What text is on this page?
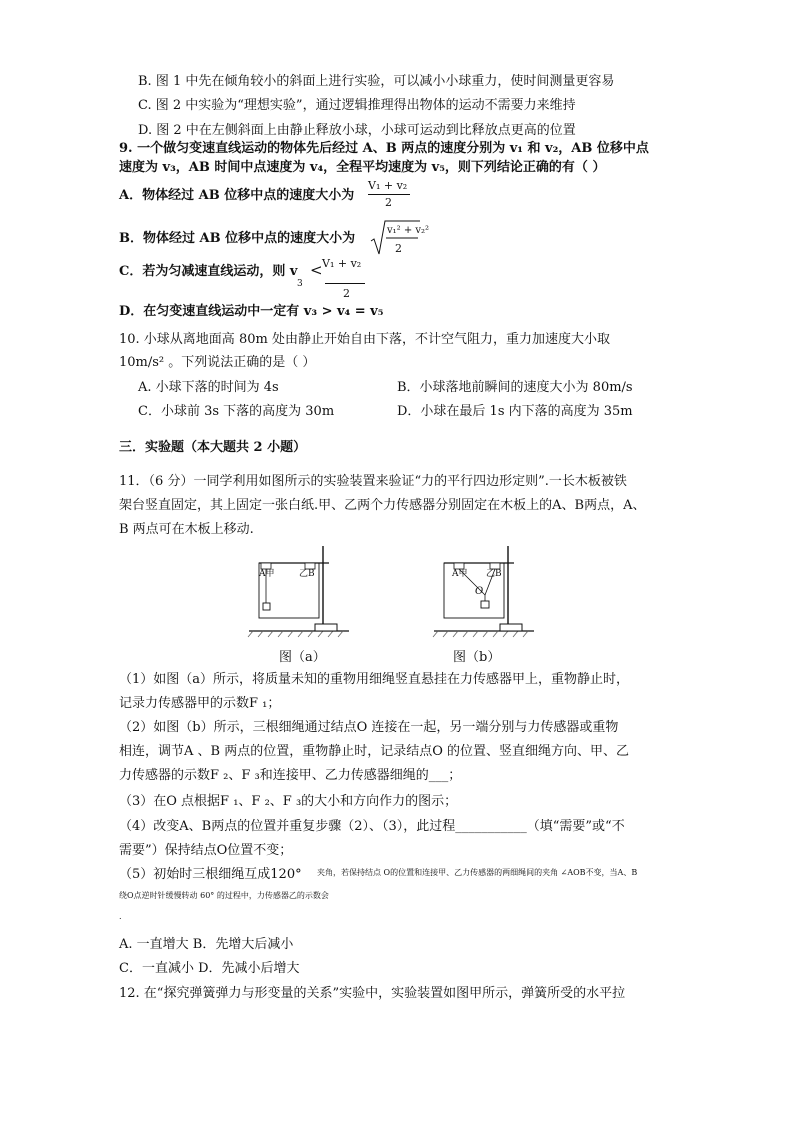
B. 图 1 中先在倾角较小的斜面上进行实验，可以减小小球重力，使时间测量更容易
C. 图 2 中实验为“理想实验”，通过逻辑推理得出物体的运动不需要力来维持
D. 图 2 中在左侧斜面上由静止释放小球，小球可运动到比释放点更高的位置
9. 一个做匀变速直线运动的物体先后经过 A、B 两点的速度分别为 v₁ 和 v₂，AB 位移中点
速度为 v₃，AB 时间中点速度为 v₄，全程平均速度为 v₅，则下列结论正确的有（ ）
A．物体经过 AB 位移中点的速度大小为
V₁ + v₂
2
B．物体经过 AB 位移中点的速度大小为
v₁² + v₂²
2
C．若为匀减速直线运动，则 v
3
< V₁ + v₂
2
D．在匀变速直线运动中一定有 v₃ > v₄ = v₅
10. 小球从离地面高 80m 处由静止开始自由下落，不计空气阻力，重力加速度大小取
10m/s² 。下列说法正确的是（ ）
A. 小球下落的时间为 4s	B．小球落地前瞬间的速度大小为 80m/s
C．小球前 3s 下落的高度为 30m	D．小球在最后 1s 内下落的高度为 35m
三．实验题（本大题共 2 小题）
11．（6 分）一同学利用如图所示的实验装置来验证“力的平行四边形定则”.一长木板被铁
架台竖直固定，其上固定一张白纸.甲、乙两个力传感器分别固定在木板上的A、B两点，A、
B 两点可在木板上移动.
A甲	乙B	A甲 乙B
O
图（a）	图（b）
（1）如图（a）所示，将质量未知的重物用细绳竖直悬挂在力传感器甲上，重物静止时，
记录力传感器甲的示数F ₁；
（2）如图（b）所示，三根细绳通过结点O 连接在一起，另一端分别与力传感器或重物
相连，调节A 、B 两点的位置，重物静止时，记录结点O 的位置、竖直细绳方向、甲、乙
力传感器的示数F ₂、F ₃和连接甲、乙力传感器细绳的___；
（3）在O 点根据F ₁、F ₂、F ₃的大小和方向作力的图示；
（4）改变A、B两点的位置并重复步骤（2）、（3），此过程___________（填“需要”或“不
需要”）保持结点O位置不变；
（5）初始时三根细绳互成120° 夹角，若保持结点 O的位置和连接甲、乙力传感器的两细绳间的夹角 ∠AOB不变，当A、B
绕O点逆时针缓慢转动 60° 的过程中，力传感器乙的示数会
.
A. 一直增大 B．先增大后减小
C．一直减小 D．先减小后增大
12. 在“探究弹簧弹力与形变量的关系”实验中，实验装置如图甲所示，弹簧所受的水平拉
